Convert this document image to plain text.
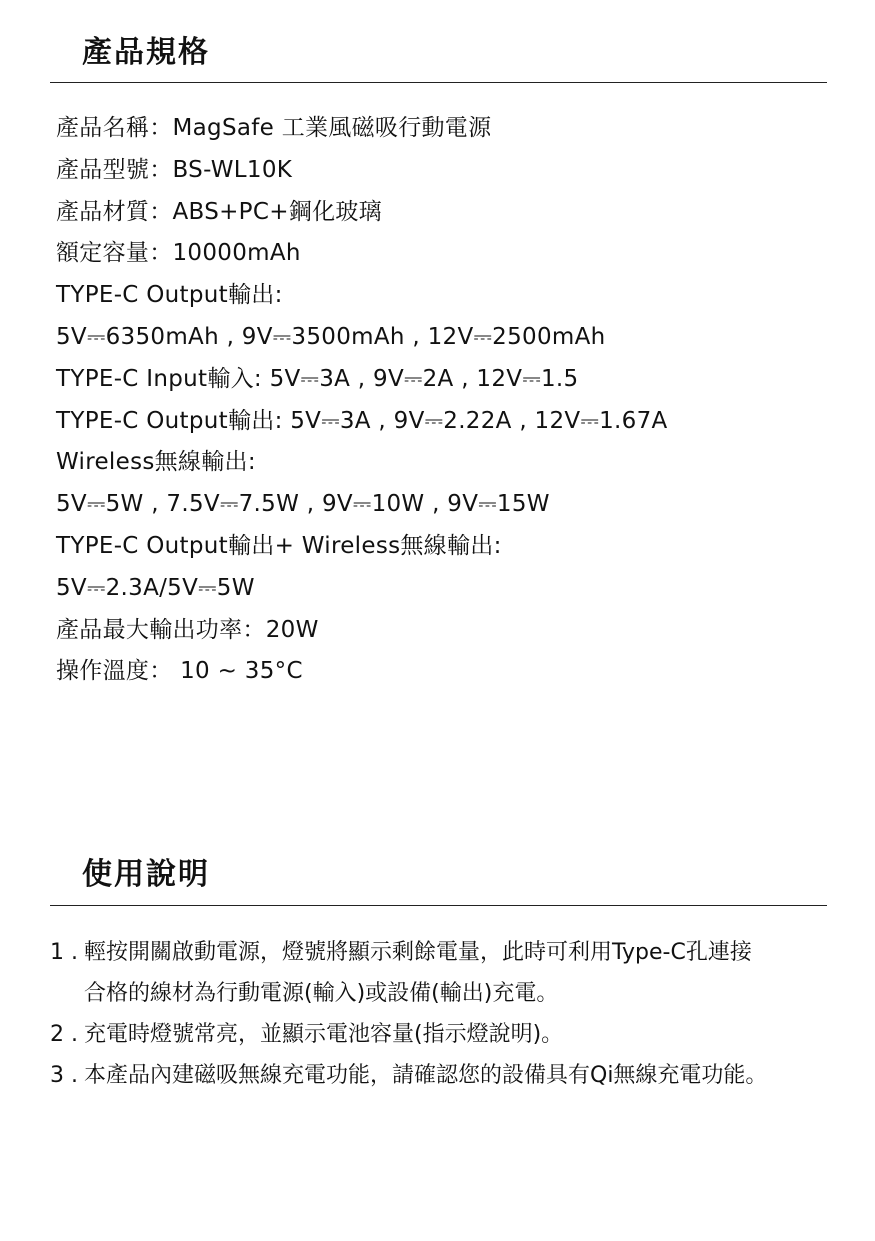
產品規格
產品名稱：MagSafe 工業風磁吸行動電源
產品型號：BS-WL10K
產品材質：ABS+PC+鋼化玻璃
額定容量：10000mAh
TYPE-C Output輸出:
5V⎓6350mAh , 9V⎓3500mAh , 12V⎓2500mAh
TYPE-C Input輸入: 5V⎓3A , 9V⎓2A , 12V⎓1.5
TYPE-C Output輸出: 5V⎓3A , 9V⎓2.22A , 12V⎓1.67A
Wireless無線輸出:
5V⎓5W , 7.5V⎓7.5W , 9V⎓10W , 9V⎓15W
TYPE-C Output輸出+ Wireless無線輸出:
5V⎓2.3A/5V⎓5W
產品最大輸出功率：20W
操作溫度： 10 ~ 35°C
使用說明
1 . 輕按開關啟動電源，燈號將顯示剩餘電量，此時可利用Type-C孔連接
合格的線材為行動電源(輸入)或設備(輸出)充電。
2 . 充電時燈號常亮，並顯示電池容量(指示燈說明)。
3 . 本產品內建磁吸無線充電功能，請確認您的設備具有Qi無線充電功能。
